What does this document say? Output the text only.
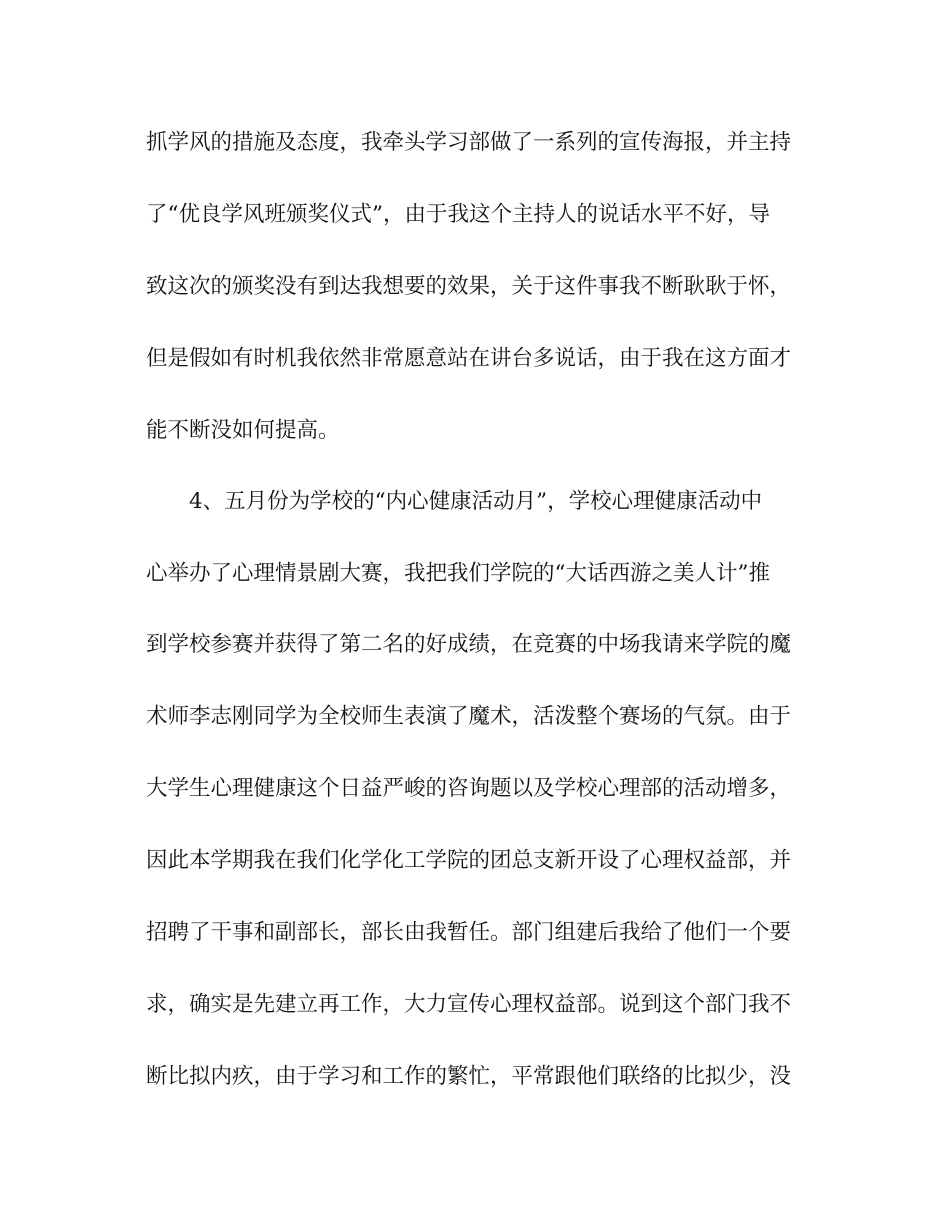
抓学风的措施及态度，我牵头学习部做了一系列的宣传海报，并主持
了“优良学风班颁奖仪式”，由于我这个主持人的说话水平不好，导
致这次的颁奖没有到达我想要的效果，关于这件事我不断耿耿于怀，
但是假如有时机我依然非常愿意站在讲台多说话，由于我在这方面才
能不断没如何提高。
4、五月份为学校的“内心健康活动月”，学校心理健康活动中
心举办了心理情景剧大赛，我把我们学院的“大话西游之美人计”推
到学校参赛并获得了第二名的好成绩，在竞赛的中场我请来学院的魔
术师李志刚同学为全校师生表演了魔术，活泼整个赛场的气氛。由于
大学生心理健康这个日益严峻的咨询题以及学校心理部的活动增多，
因此本学期我在我们化学化工学院的团总支新开设了心理权益部，并
招聘了干事和副部长，部长由我暂任。部门组建后我给了他们一个要
求，确实是先建立再工作，大力宣传心理权益部。说到这个部门我不
断比拟内疚，由于学习和工作的繁忙，平常跟他们联络的比拟少，没
